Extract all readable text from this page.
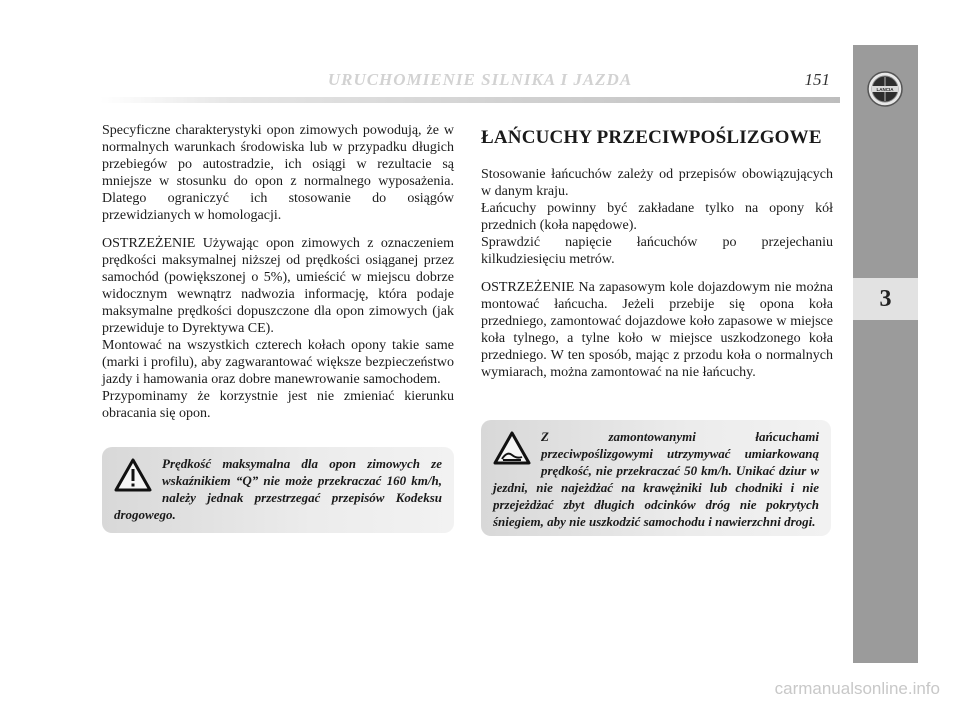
URUCHOMIENIE SILNIKA I JAZDA	151
LANCIA
3

Specyficzne charakterystyki opon zimowych powodują, że w normalnych warunkach środowiska lub w przypadku długich przebiegów po autostradzie, ich osiągi w rezultacie są mniejsze w stosunku do opon z normalnego wyposażenia. Dlatego ograniczyć ich stosowanie do osiągów przewidzianych w homologacji.

OSTRZEŻENIE Używając opon zimowych z oznaczeniem prędkości maksymalnej niższej od prędkości osiąganej przez samochód (powiększonej o 5%), umieścić w miejscu dobrze widocznym wewnątrz nadwozia informację, która podaje maksymalne prędkości dopuszczone dla opon zimowych (jak przewiduje to Dyrektywa CE).

Montować na wszystkich czterech kołach opony takie same (marki i profilu), aby zagwarantować większe bezpieczeństwo jazdy i hamowania oraz dobre manewrowanie samochodem.

Przypominamy że korzystnie jest nie zmieniać kierunku obracania się opon.

Prędkość maksymalna dla opon zimowych ze wskaźnikiem “Q” nie może przekraczać 160 km/h, należy jednak przestrzegać przepisów Kodeksu drogowego.
ŁAŃCUCHY PRZECIWPOŚLIZGOWE

Stosowanie łańcuchów zależy od przepisów obowiązujących w danym kraju.

Łańcuchy powinny być zakładane tylko na opony kół przednich (koła napędowe).

Sprawdzić napięcie łańcuchów po przejechaniu kilkudziesięciu metrów.

OSTRZEŻENIE Na zapasowym kole dojazdowym nie można montować łańcucha. Jeżeli przebije się opona koła przedniego, zamontować dojazdowe koło zapasowe w miejsce koła tylnego, a tylne koło w miejsce uszkodzonego koła przedniego. W ten sposób, mając z przodu koła o normalnych wymiarach, można zamontować na nie łańcuchy.

Z zamontowanymi łańcuchami przeciwpoślizgowymi utrzymywać umiarkowaną prędkość, nie przekraczać 50 km/h. Unikać dziur w jezdni, nie najeżdżać na krawężniki lub chodniki i nie przejeżdżać zbyt długich odcinków dróg nie pokrytych śniegiem, aby nie uszkodzić samochodu i nawierzchni drogi.
carmanualsonline.info
